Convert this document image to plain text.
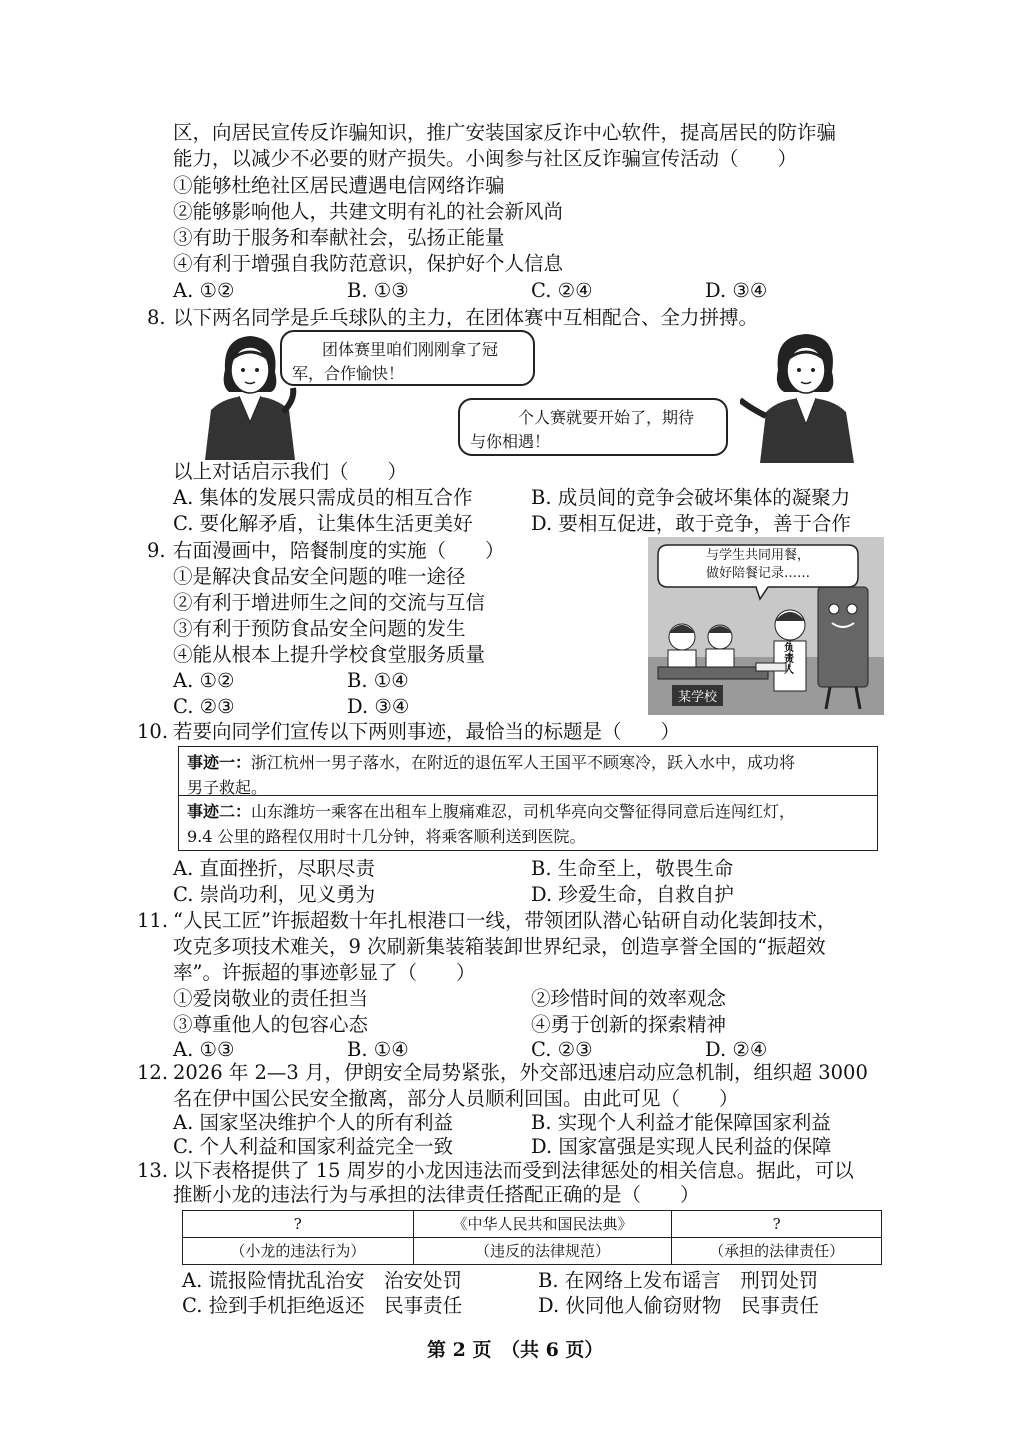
区，向居民宣传反诈骗知识，推广安装国家反诈中心软件，提高居民的防诈骗
能力，以减少不必要的财产损失。小闽参与社区反诈骗宣传活动（　　）
①能够杜绝社区居民遭遇电信网络诈骗
②能够影响他人，共建文明有礼的社会新风尚
③有助于服务和奉献社会，弘扬正能量
④有利于增强自我防范意识，保护好个人信息
A. ①②	B. ①③	C. ②④	D. ③④
8. 以下两名同学是乒乓球队的主力，在团体赛中互相配合、全力拼搏。
团体赛里咱们刚刚拿了冠
军，合作愉快！
个人赛就要开始了，期待
与你相遇！
以上对话启示我们（　　）
A. 集体的发展只需成员的相互合作	B. 成员间的竞争会破坏集体的凝聚力
C. 要化解矛盾，让集体生活更美好	D. 要相互促进，敢于竞争，善于合作
9. 右面漫画中，陪餐制度的实施（　　）
①是解决食品安全问题的唯一途径
②有利于增进师生之间的交流与互信
③有利于预防食品安全问题的发生
④能从根本上提升学校食堂服务质量
A. ①②	B. ①④
C. ②③	D. ③④
与学生共同用餐，
做好陪餐记录……
某学校
负责人
10. 若要向同学们宣传以下两则事迹，最恰当的标题是（　　）
事迹一：浙江杭州一男子落水，在附近的退伍军人王国平不顾寒冷，跃入水中，成功将
男子救起。
事迹二：山东潍坊一乘客在出租车上腹痛难忍，司机华亮向交警征得同意后连闯红灯，
9.4 公里的路程仅用时十几分钟，将乘客顺利送到医院。
A. 直面挫折，尽职尽责	B. 生命至上，敬畏生命
C. 崇尚功利，见义勇为	D. 珍爱生命，自救自护
11. “人民工匠”许振超数十年扎根港口一线，带领团队潜心钻研自动化装卸技术，
攻克多项技术难关，9 次刷新集装箱装卸世界纪录，创造享誉全国的“振超效
率”。许振超的事迹彰显了（　　）
①爱岗敬业的责任担当	②珍惜时间的效率观念
③尊重他人的包容心态	④勇于创新的探索精神
A. ①③	B. ①④	C. ②③	D. ②④
12. 2026 年 2—3 月，伊朗安全局势紧张，外交部迅速启动应急机制，组织超 3000
名在伊中国公民安全撤离，部分人员顺利回国。由此可见（　　）
A. 国家坚决维护个人的所有利益	B. 实现个人利益才能保障国家利益
C. 个人利益和国家利益完全一致	D. 国家富强是实现人民利益的保障
13. 以下表格提供了 15 周岁的小龙因违法而受到法律惩处的相关信息。据此，可以
推断小龙的违法行为与承担的法律责任搭配正确的是（　　）
?	《中华人民共和国民法典》	?
（小龙的违法行为）	（违反的法律规范）	（承担的法律责任）
A. 谎报险情扰乱治安　治安处罚	B. 在网络上发布谣言　刑罚处罚
C. 捡到手机拒绝返还　民事责任	D. 伙同他人偷窃财物　民事责任
第 2 页　（共 6 页）
